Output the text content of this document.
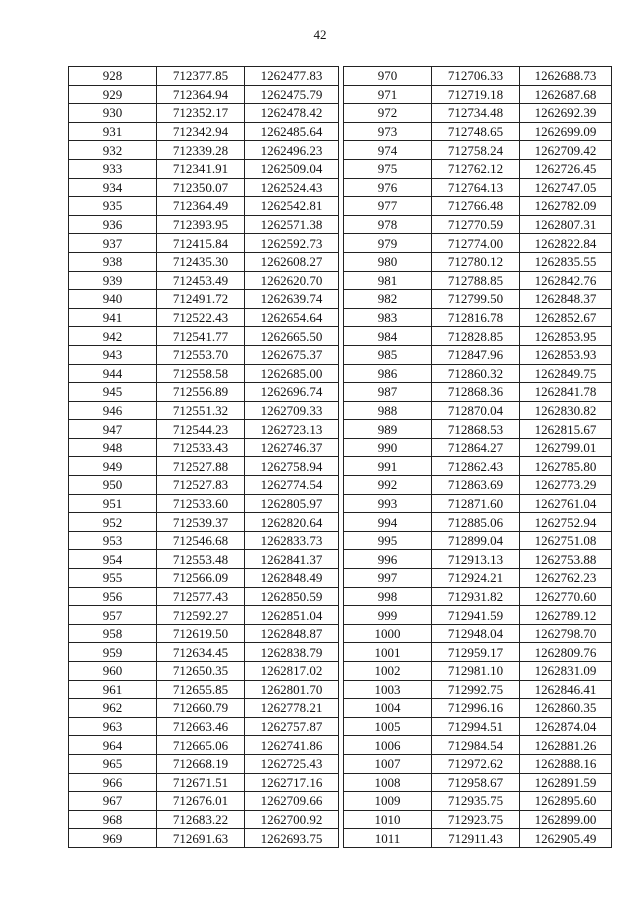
42
928	712377.85	1262477.83
929	712364.94	1262475.79
930	712352.17	1262478.42
931	712342.94	1262485.64
932	712339.28	1262496.23
933	712341.91	1262509.04
934	712350.07	1262524.43
935	712364.49	1262542.81
936	712393.95	1262571.38
937	712415.84	1262592.73
938	712435.30	1262608.27
939	712453.49	1262620.70
940	712491.72	1262639.74
941	712522.43	1262654.64
942	712541.77	1262665.50
943	712553.70	1262675.37
944	712558.58	1262685.00
945	712556.89	1262696.74
946	712551.32	1262709.33
947	712544.23	1262723.13
948	712533.43	1262746.37
949	712527.88	1262758.94
950	712527.83	1262774.54
951	712533.60	1262805.97
952	712539.37	1262820.64
953	712546.68	1262833.73
954	712553.48	1262841.37
955	712566.09	1262848.49
956	712577.43	1262850.59
957	712592.27	1262851.04
958	712619.50	1262848.87
959	712634.45	1262838.79
960	712650.35	1262817.02
961	712655.85	1262801.70
962	712660.79	1262778.21
963	712663.46	1262757.87
964	712665.06	1262741.86
965	712668.19	1262725.43
966	712671.51	1262717.16
967	712676.01	1262709.66
968	712683.22	1262700.92
969	712691.63	1262693.75
970	712706.33	1262688.73
971	712719.18	1262687.68
972	712734.48	1262692.39
973	712748.65	1262699.09
974	712758.24	1262709.42
975	712762.12	1262726.45
976	712764.13	1262747.05
977	712766.48	1262782.09
978	712770.59	1262807.31
979	712774.00	1262822.84
980	712780.12	1262835.55
981	712788.85	1262842.76
982	712799.50	1262848.37
983	712816.78	1262852.67
984	712828.85	1262853.95
985	712847.96	1262853.93
986	712860.32	1262849.75
987	712868.36	1262841.78
988	712870.04	1262830.82
989	712868.53	1262815.67
990	712864.27	1262799.01
991	712862.43	1262785.80
992	712863.69	1262773.29
993	712871.60	1262761.04
994	712885.06	1262752.94
995	712899.04	1262751.08
996	712913.13	1262753.88
997	712924.21	1262762.23
998	712931.82	1262770.60
999	712941.59	1262789.12
1000	712948.04	1262798.70
1001	712959.17	1262809.76
1002	712981.10	1262831.09
1003	712992.75	1262846.41
1004	712996.16	1262860.35
1005	712994.51	1262874.04
1006	712984.54	1262881.26
1007	712972.62	1262888.16
1008	712958.67	1262891.59
1009	712935.75	1262895.60
1010	712923.75	1262899.00
1011	712911.43	1262905.49
